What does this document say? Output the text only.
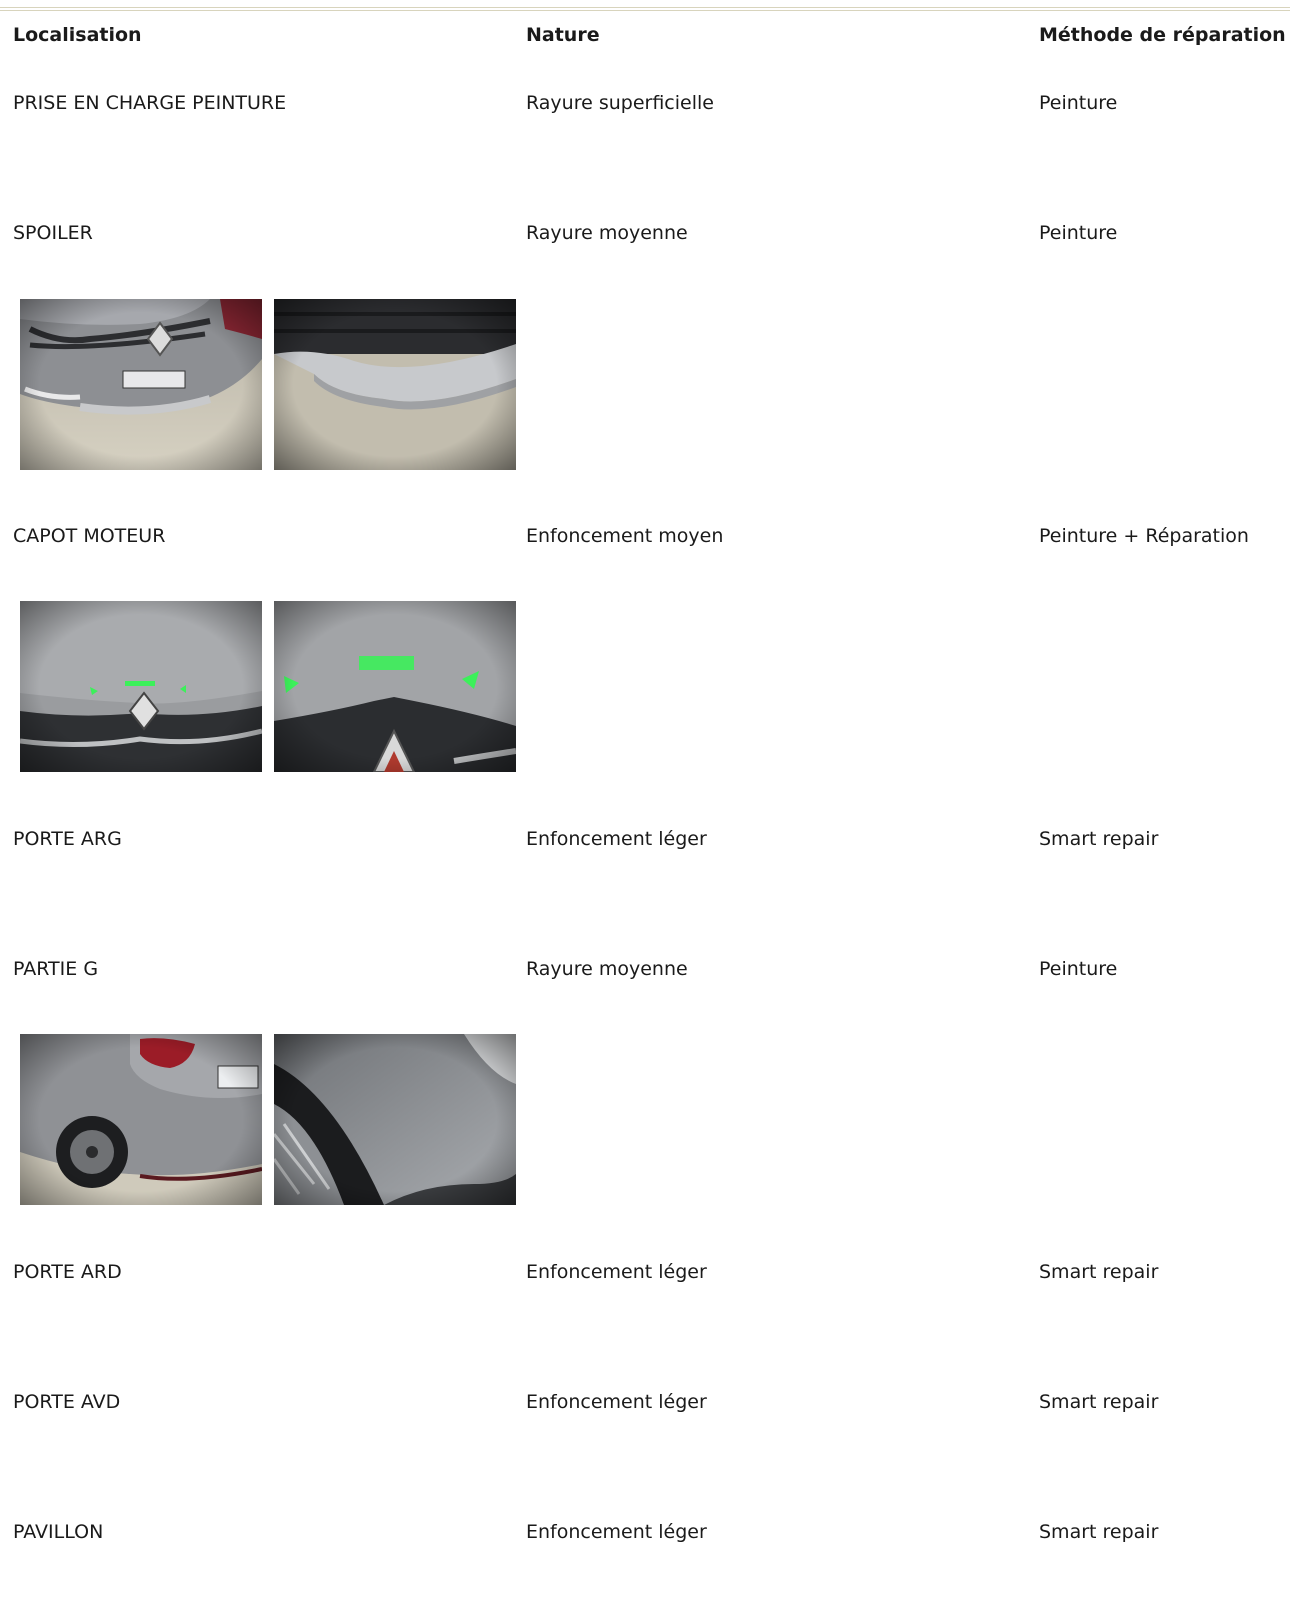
Localisation	Nature	Méthode de réparation
PRISE EN CHARGE PEINTURE	Rayure superficielle	Peinture
SPOILER	Rayure moyenne	Peinture
CAPOT MOTEUR	Enfoncement moyen	Peinture + Réparation
PORTE ARG	Enfoncement léger	Smart repair
PARTIE G	Rayure moyenne	Peinture
PORTE ARD	Enfoncement léger	Smart repair
PORTE AVD	Enfoncement léger	Smart repair
PAVILLON	Enfoncement léger	Smart repair
